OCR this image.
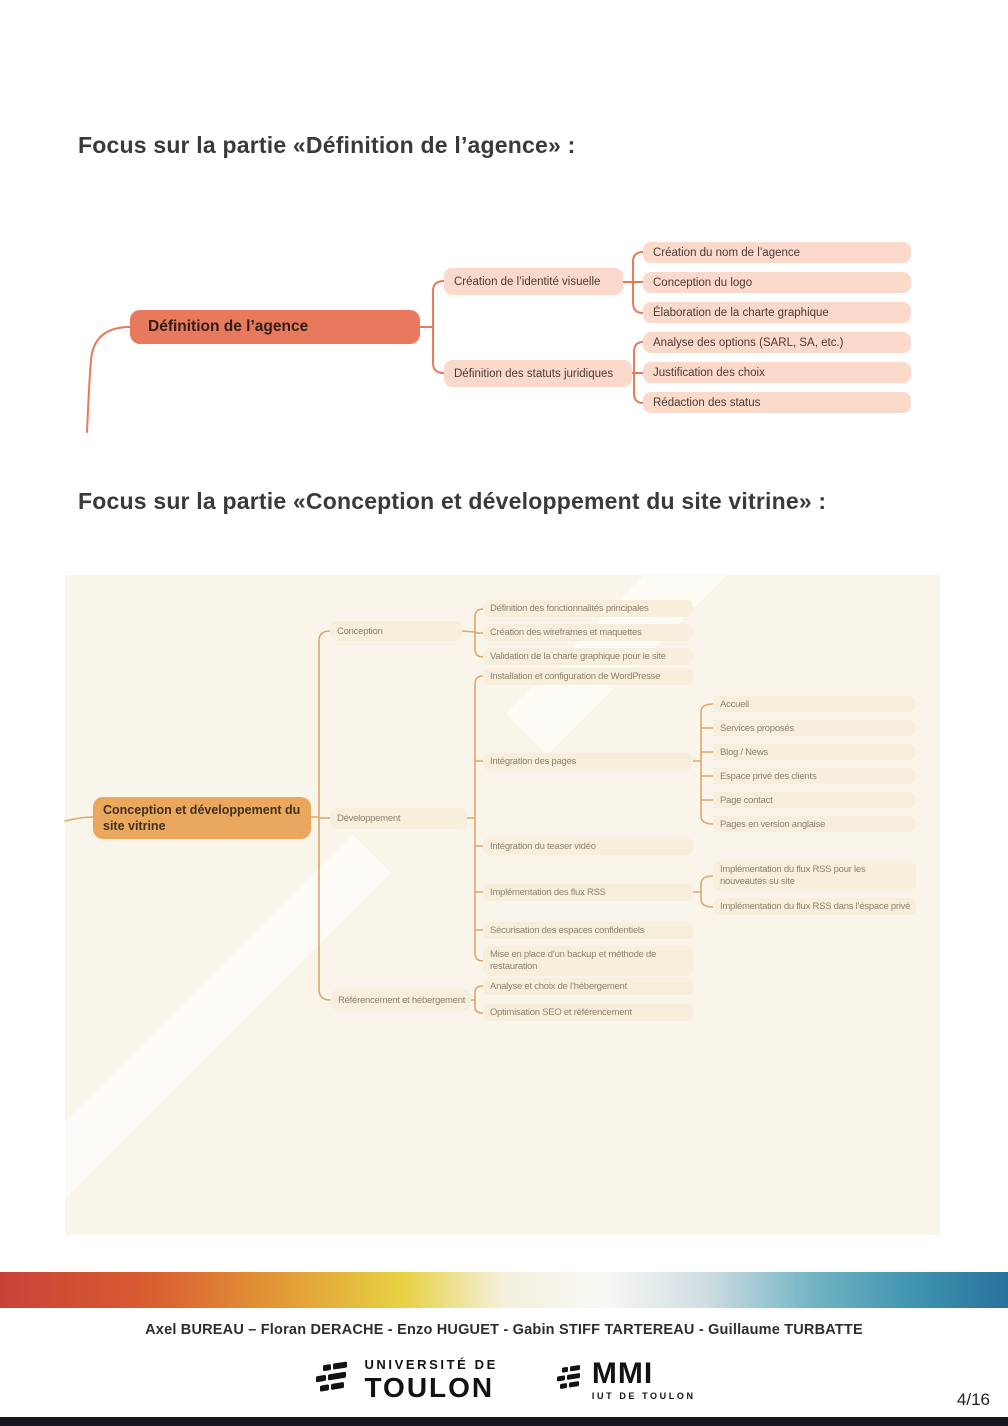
Focus sur la partie «Définition de l’agence» :
Focus sur la partie «Conception et développement du site vitrine» :
Définition de l’agence
Création de l’identité visuelle
Définition des statuts juridiques
Création du nom de l’agence
Conception du logo
Élaboration de la charte graphique
Analyse des options (SARL, SA, etc.)
Justification des choix
Rédaction des status
Conception et développement du site vitrine
Conception
Développement
Référencement et hébergement
Définition des fonctionnalités principales
Création des wireframes et maquettes
Validation de la charte graphique pour le site
Installation et configuration de WordPresse
Intégration des pages
Intégration du teaser vidéo
Implémentation des flux RSS
Sécurisation des espaces confidentiels
Mise en place d’un backup et méthode de restauration
Analyse et choix de l’hébergement
Optimisation SEO et référencement
Accueil
Services proposés
Blog / News
Espace privé des clients
Page contact
Pages en version anglaise
Implémentation du flux RSS pour les nouveautés su site
Implémentation du flux RSS dans l’éspace privé
Axel BUREAU – Floran DERACHE - Enzo HUGUET - Gabin STIFF TARTEREAU - Guillaume TURBATTE
UNIVERSITÉ DE
TOULON	MMI
IUT DE TOULON	4/16
